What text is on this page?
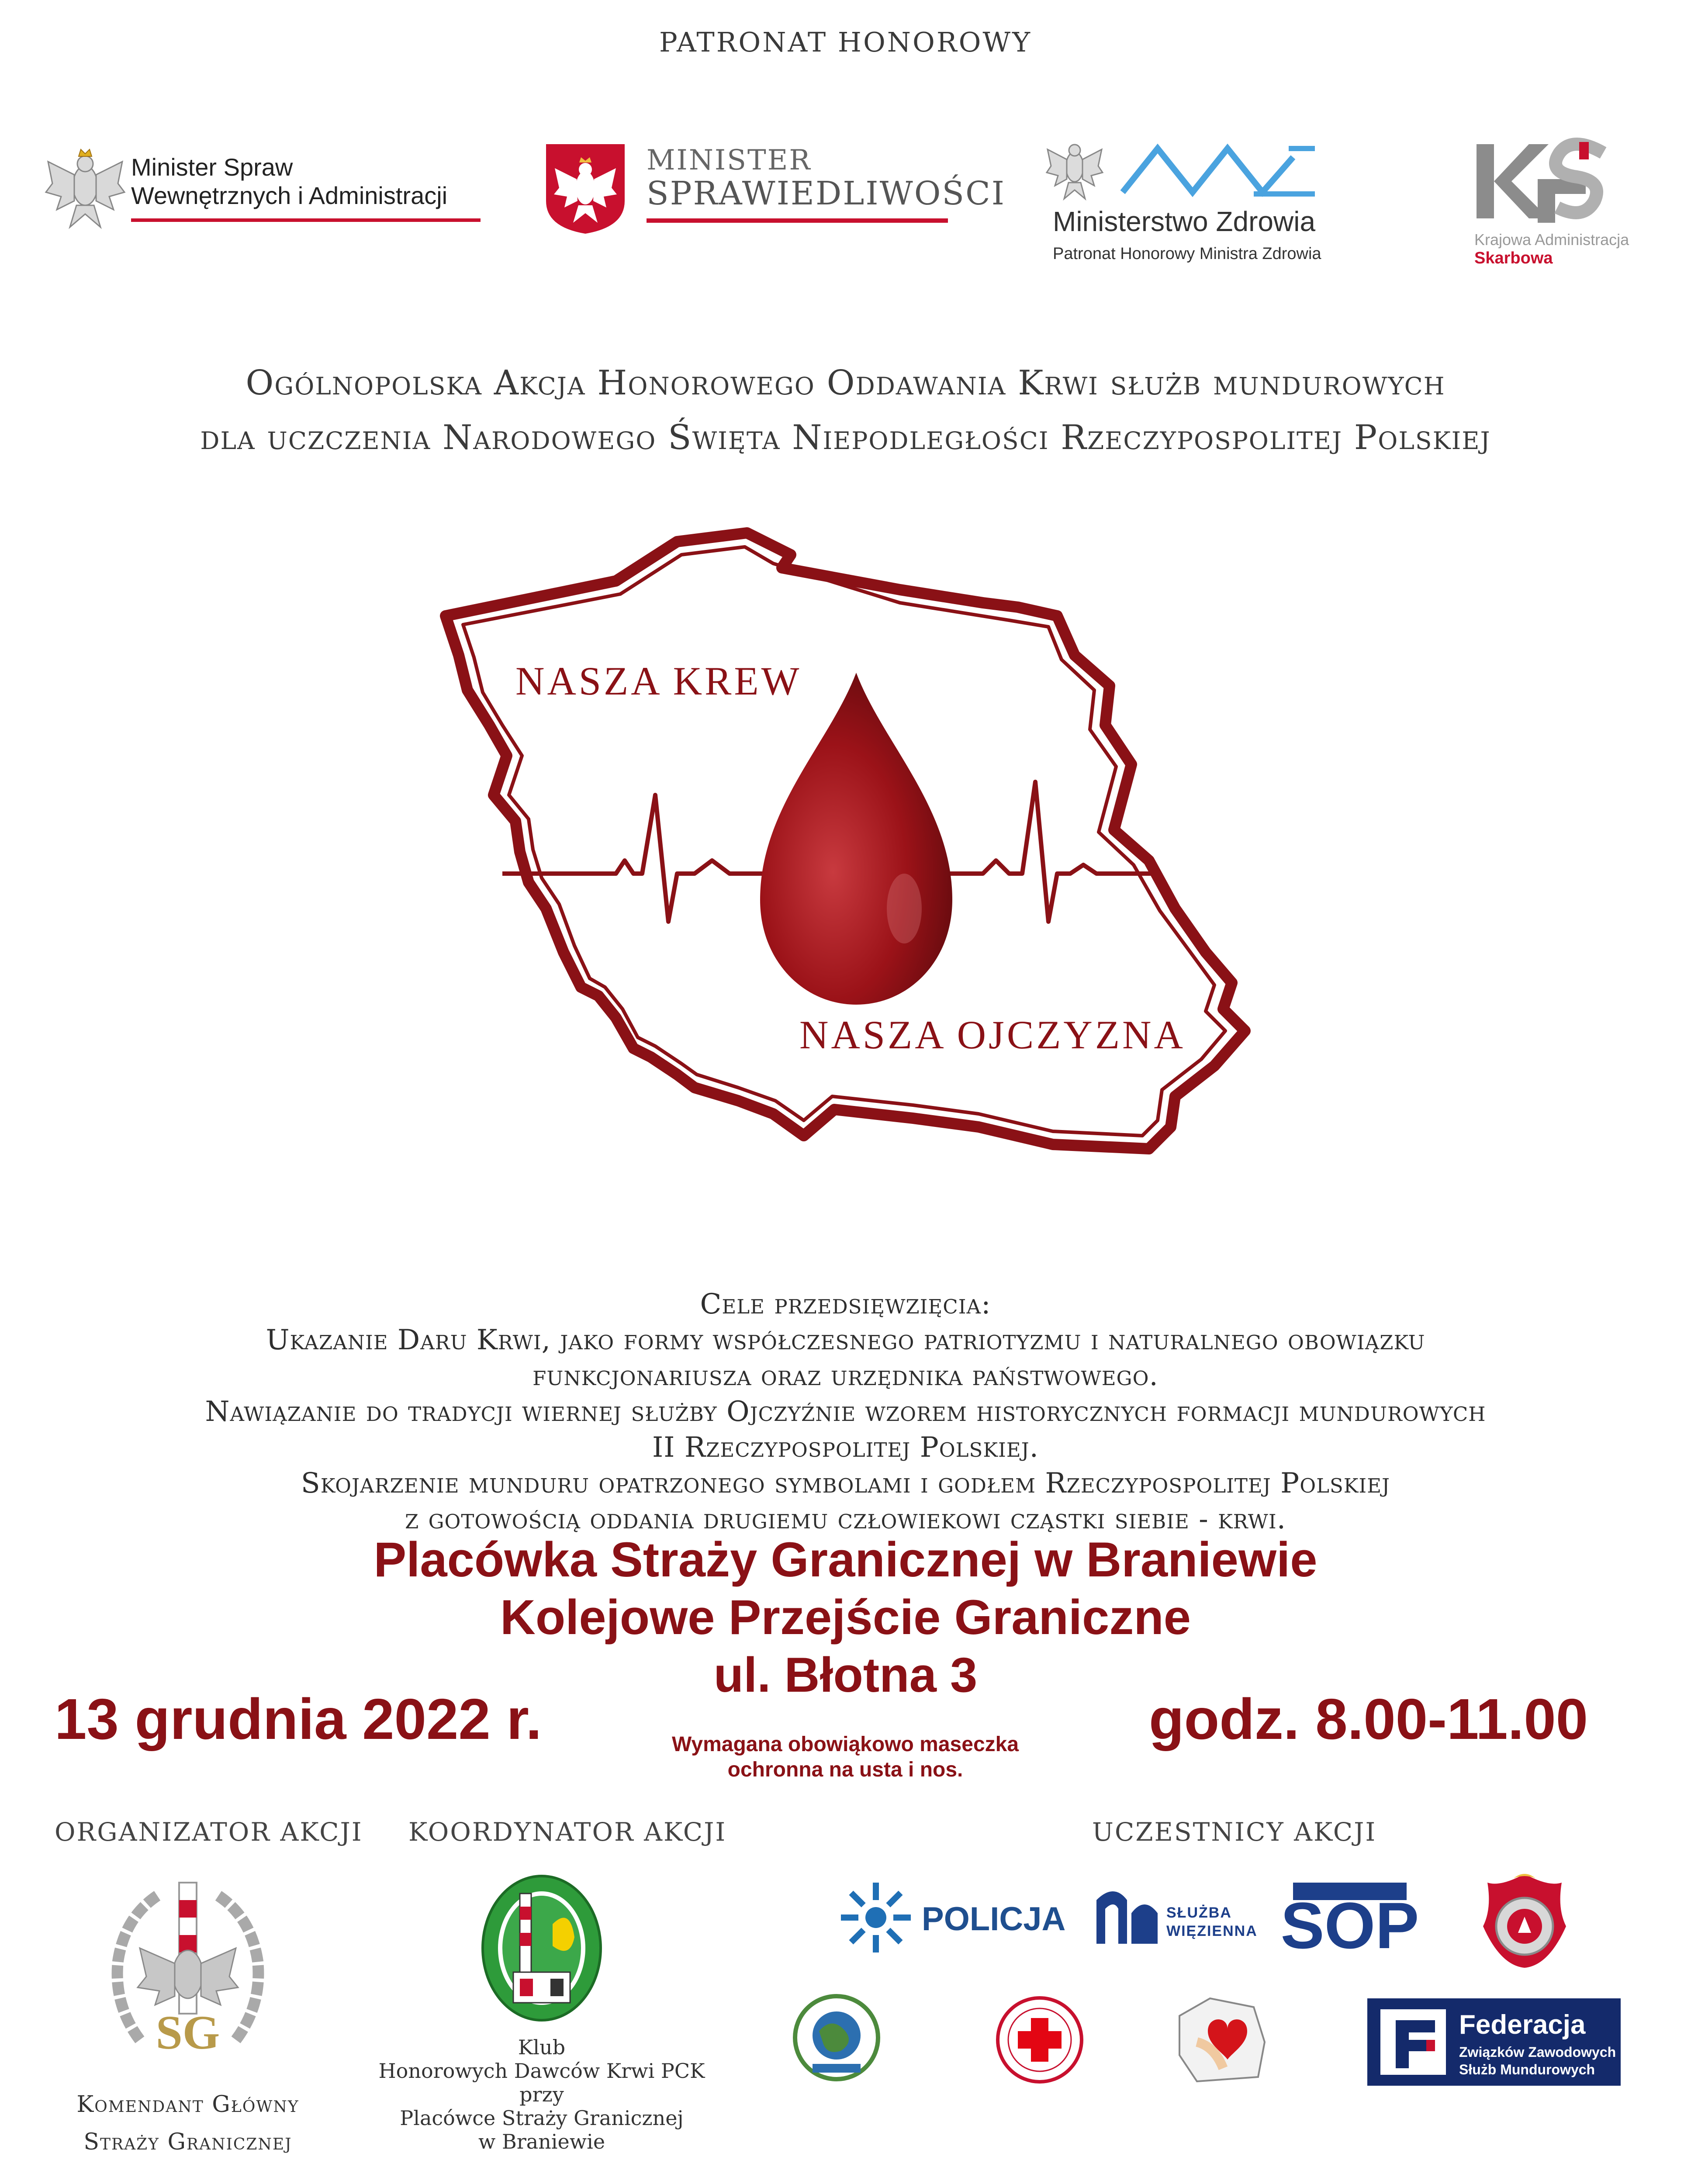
PATRONAT HONOROWY
Minister Spraw
Wewnętrznych i Administracji
MINISTER
SPRAWIEDLIWOŚCI
Ministerstwo Zdrowia
Patronat Honorowy Ministra Zdrowia
Krajowa Administracja
Skarbowa
Ogólnopolska Akcja Honorowego Oddawania Krwi służb mundurowych
dla uczczenia Narodowego Święta Niepodległości Rzeczypospolitej Polskiej
NASZA KREW
NASZA OJCZYZNA
Cele przedsięwzięcia:
Ukazanie Daru Krwi, jako formy współczesnego patriotyzmu i naturalnego obowiązku
funkcjonariusza oraz urzędnika państwowego.
Nawiązanie do tradycji wiernej służby Ojczyźnie wzorem historycznych formacji mundurowych
II Rzeczypospolitej Polskiej.
Skojarzenie munduru opatrzonego symbolami i godłem Rzeczypospolitej Polskiej
z gotowością oddania drugiemu człowiekowi cząstki siebie - krwi.
Placówka Straży Granicznej w Braniewie
Kolejowe Przejście Graniczne
ul. Błotna 3
13 grudnia 2022 r.	godz. 8.00-11.00
Wymagana obowiąkowo maseczka
ochronna na usta i nos.
ORGANIZATOR AKCJI KOORDYNATOR AKCJI	UCZESTNICY AKCJI
SG
Komendant Główny
Straży Granicznej
Klub
Honorowych Dawców Krwi PCK
przy
Placówce Straży Granicznej
w Braniewie
POLICJA	SŁUŻBA
WIĘZIENNA SOP
Federacja
Związków Zawodowych
Służb Mundurowych
